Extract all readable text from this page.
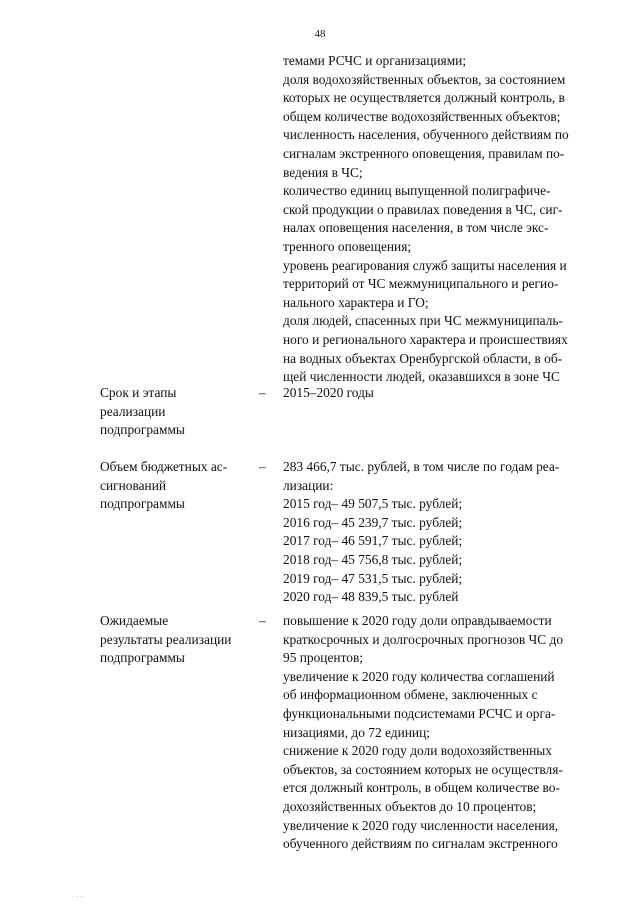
48
темами РСЧС и организациями;
доля водохозяйственных объектов, за состоянием
которых не осуществляется должный контроль, в
общем количестве водохозяйственных объектов;
численность населения, обученного действиям по
сигналам экстренного оповещения, правилам по-
ведения в ЧС;
количество единиц выпущенной полиграфиче-
ской продукции о правилах поведения в ЧС, сиг-
налах оповещения населения, в том числе экс-
тренного оповещения;
уровень реагирования служб защиты населения и
территорий от ЧС межмуниципального и регио-
нального характера и ГО;
доля людей, спасенных при ЧС межмуниципаль-
ного и регионального характера и происшествиях
на водных объектах Оренбургской области, в об-
щей численности людей, оказавшихся в зоне ЧС
Срок и этапы
реализации
подпрограммы
– 2015–2020 годы
Объем бюджетных ас-
сигнований
подпрограммы
– 283 466,7 тыс. рублей, в том числе по годам реа-
лизации:
2015 год– 49 507,5 тыс. рублей;
2016 год– 45 239,7 тыс. рублей;
2017 год– 46 591,7 тыс. рублей;
2018 год– 45 756,8 тыс. рублей;
2019 год– 47 531,5 тыс. рублей;
2020 год– 48 839,5 тыс. рублей
Ожидаемые
результаты реализации
подпрограммы
– повышение к 2020 году доли оправдываемости
краткосрочных и долгосрочных прогнозов ЧС до
95 процентов;
увеличение к 2020 году количества соглашений
об информационном обмене, заключенных с
функциональными подсистемами РСЧС и орга-
низациями, до 72 единиц;
снижение к 2020 году доли водохозяйственных
объектов, за состоянием которых не осуществля-
ется должный контроль, в общем количестве во-
дохозяйственных объектов до 10 процентов;
увеличение к 2020 году численности населения,
обученного действиям по сигналам экстренного
· · ·
